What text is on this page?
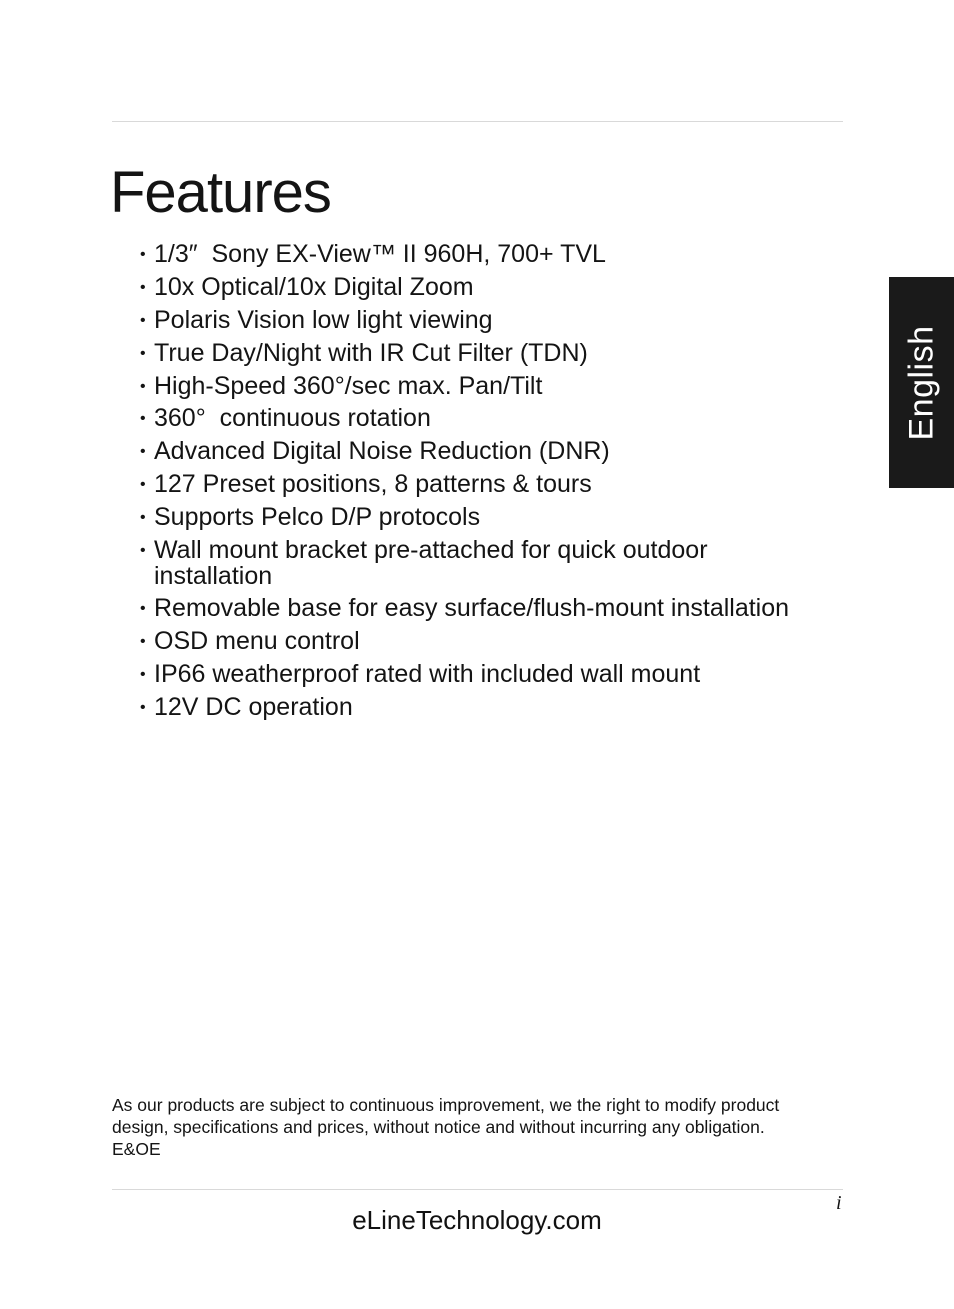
Features
• 1/3″  Sony EX-View™ II 960H, 700+ TVL
• 10x Optical/10x Digital Zoom
• Polaris Vision low light viewing
• True Day/Night with IR Cut Filter (TDN)
• High-Speed 360°/sec max. Pan/Tilt
• 360°  continuous rotation
• Advanced Digital Noise Reduction (DNR)
• 127 Preset positions, 8 patterns & tours
• Supports Pelco D/P protocols
• Wall mount bracket pre-attached for quick outdoor installation
• Removable base for easy surface/flush-mount installation
• OSD menu control
• IP66 weatherproof rated with included wall mount
• 12V DC operation
English

As our products are subject to continuous improvement, we the right to modify product design, specifications and prices, without notice and without incurring any obligation. E&OE

i
eLineTechnology.com
